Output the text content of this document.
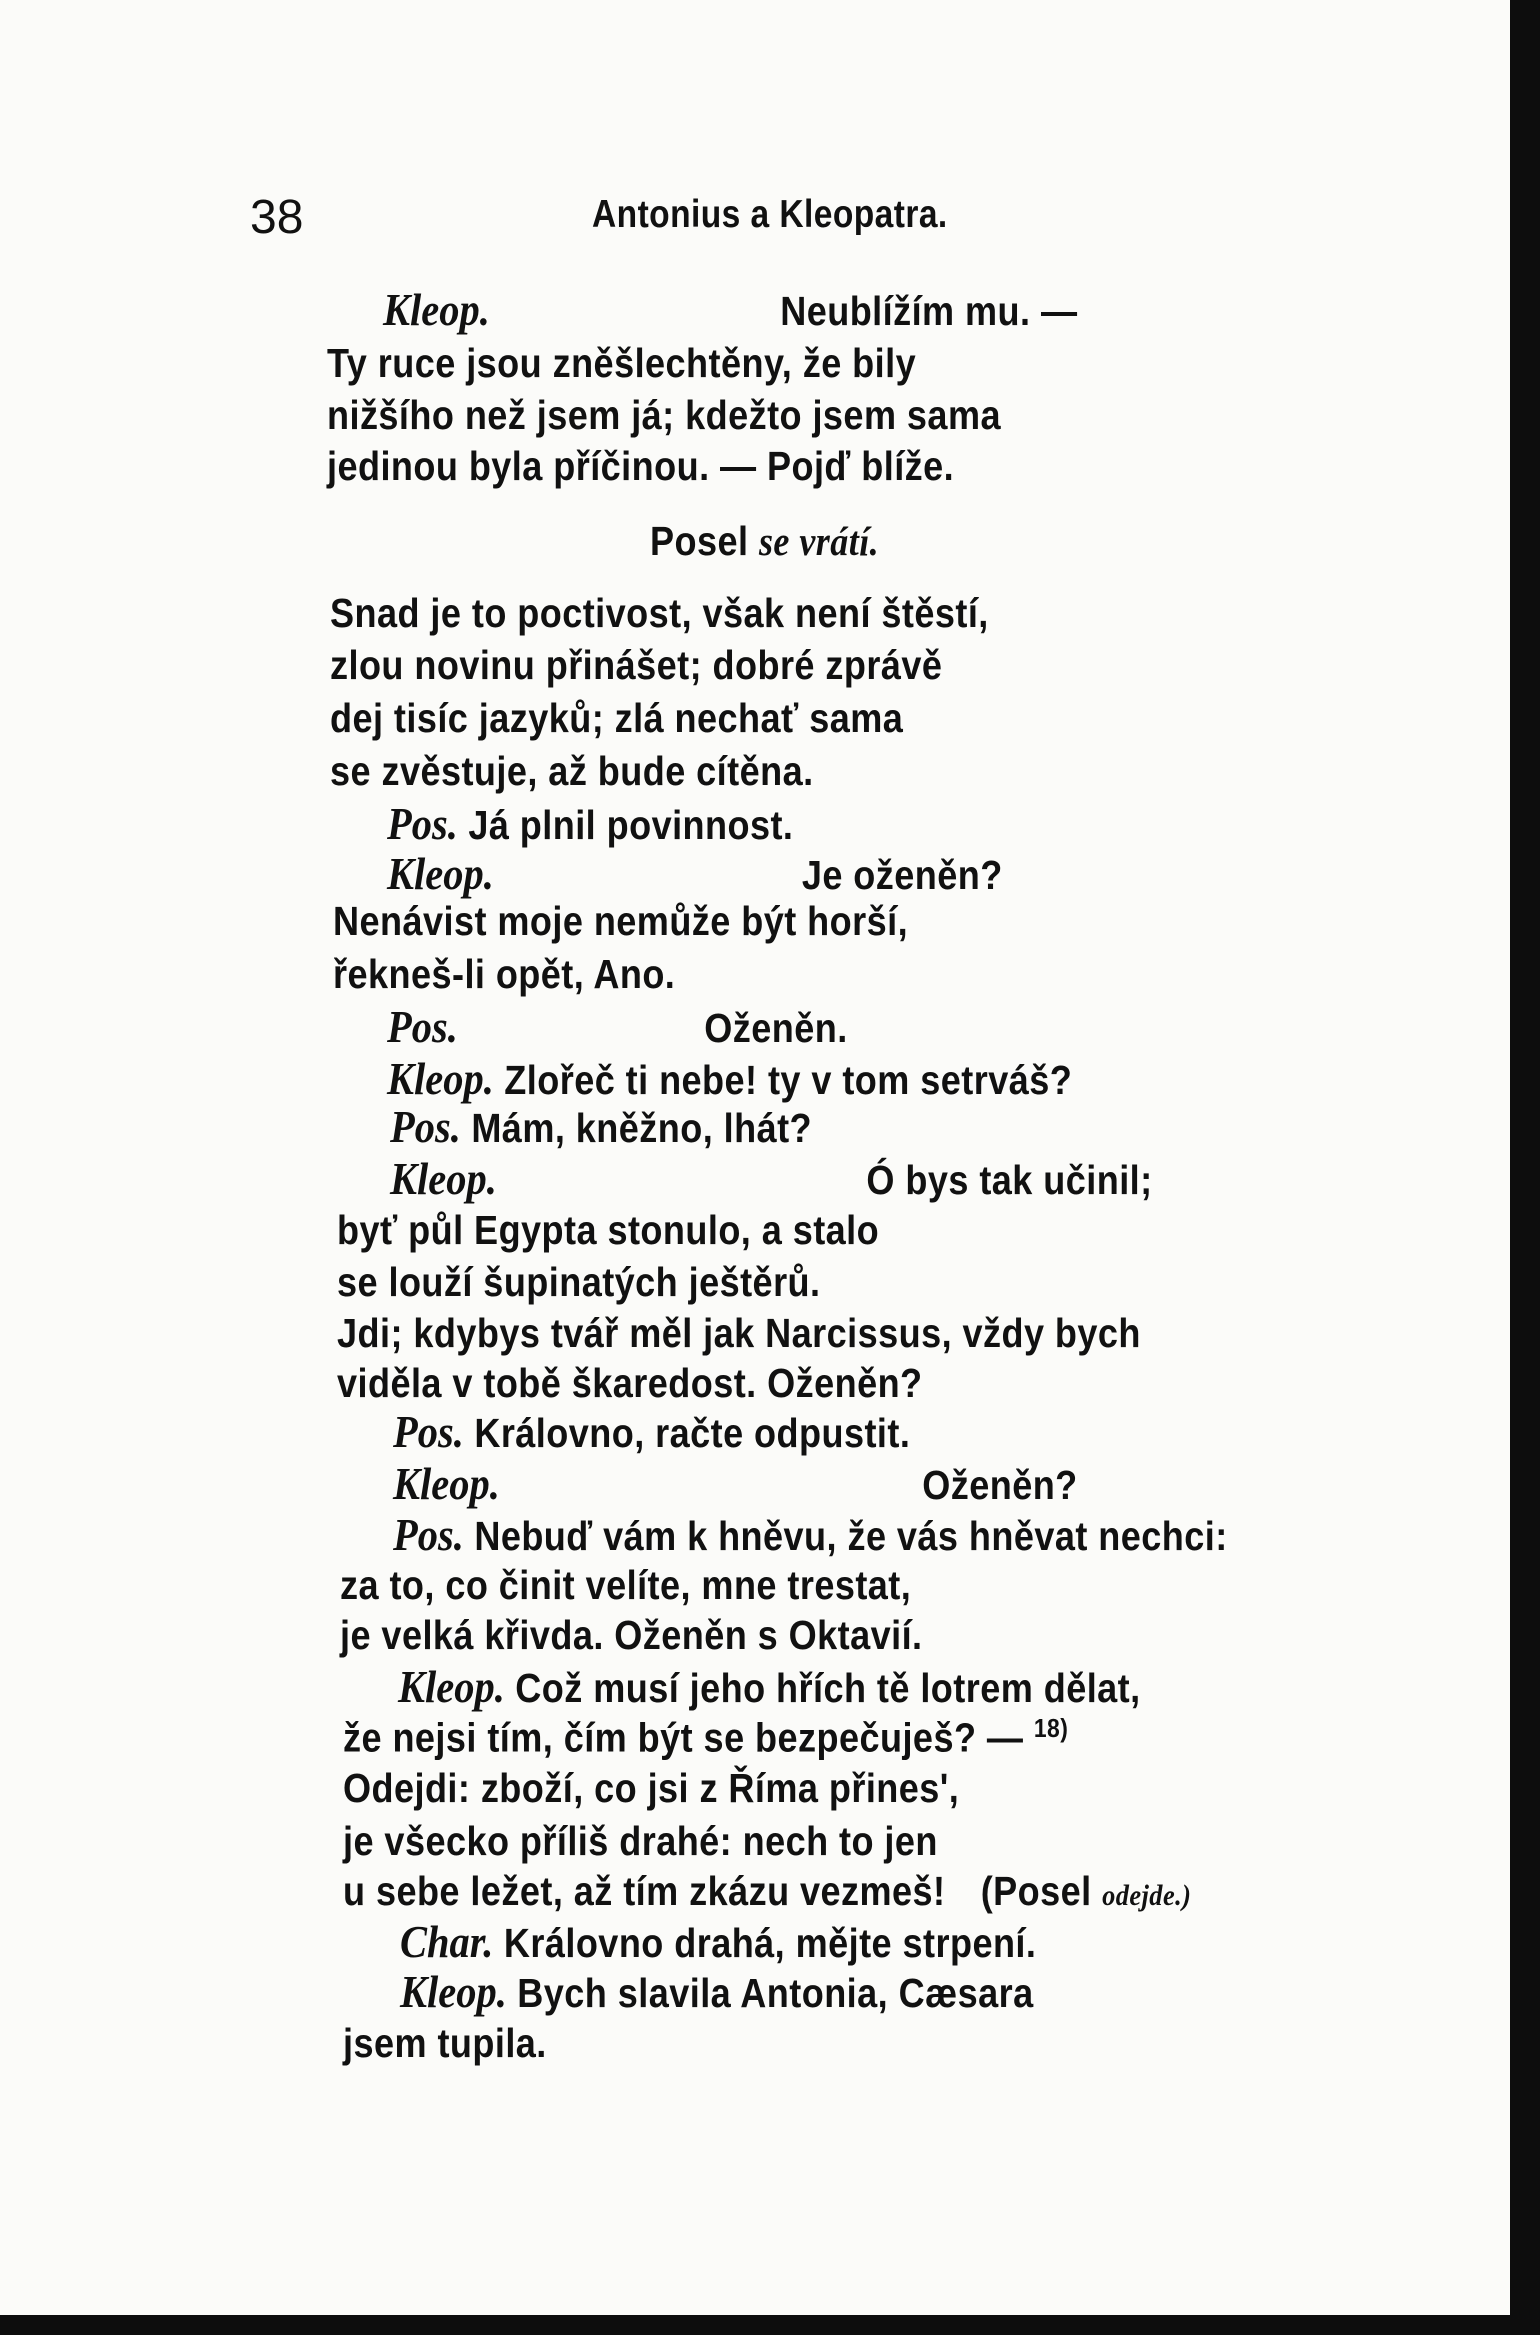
38	Antonius a Kleopatra.
Kleop.	Neublížím mu. —
Ty ruce jsou zněšlechtěny, že bily
nižšího než jsem já; kdežto jsem sama
jedinou byla příčinou. — Pojď blíže.
Posel se vrátí.
Snad je to poctivost, však není štěstí,
zlou novinu přinášet; dobré zprávě
dej tisíc jazyků; zlá nechať sama
se zvěstuje, až bude cítěna.
Pos. Já plnil povinnost.
Kleop.	Je oženěn?
Nenávist moje nemůže být horší,
řekneš-li opět, Ano.
Pos.	Oženěn.
Kleop. Zlořeč ti nebe! ty v tom setrváš?
Pos. Mám, kněžno, lhát?
Kleop.	Ó bys tak učinil;
byť půl Egypta stonulo, a stalo
se louží šupinatých ještěrů.
Jdi; kdybys tvář měl jak Narcissus, vždy bych
viděla v tobě škaredost. Oženěn?
Pos. Královno, račte odpustit.
Kleop.	Oženěn?
Pos. Nebuď vám k hněvu, že vás hněvat nechci:
za to, co činit velíte, mne trestat,
je velká křivda. Oženěn s Oktavií.
Kleop. Což musí jeho hřích tě lotrem dělat,
že nejsi tím, čím být se bezpečuješ? — $^{18)}$
Odejdi: zboží, co jsi z Říma přines',
je všecko příliš drahé: nech to jen
u sebe ležet, až tím zkázu vezmeš! (Posel odejde.)
Char. Královno drahá, mějte strpení.
Kleop. Bych slavila Antonia, Cæsara
jsem tupila.
